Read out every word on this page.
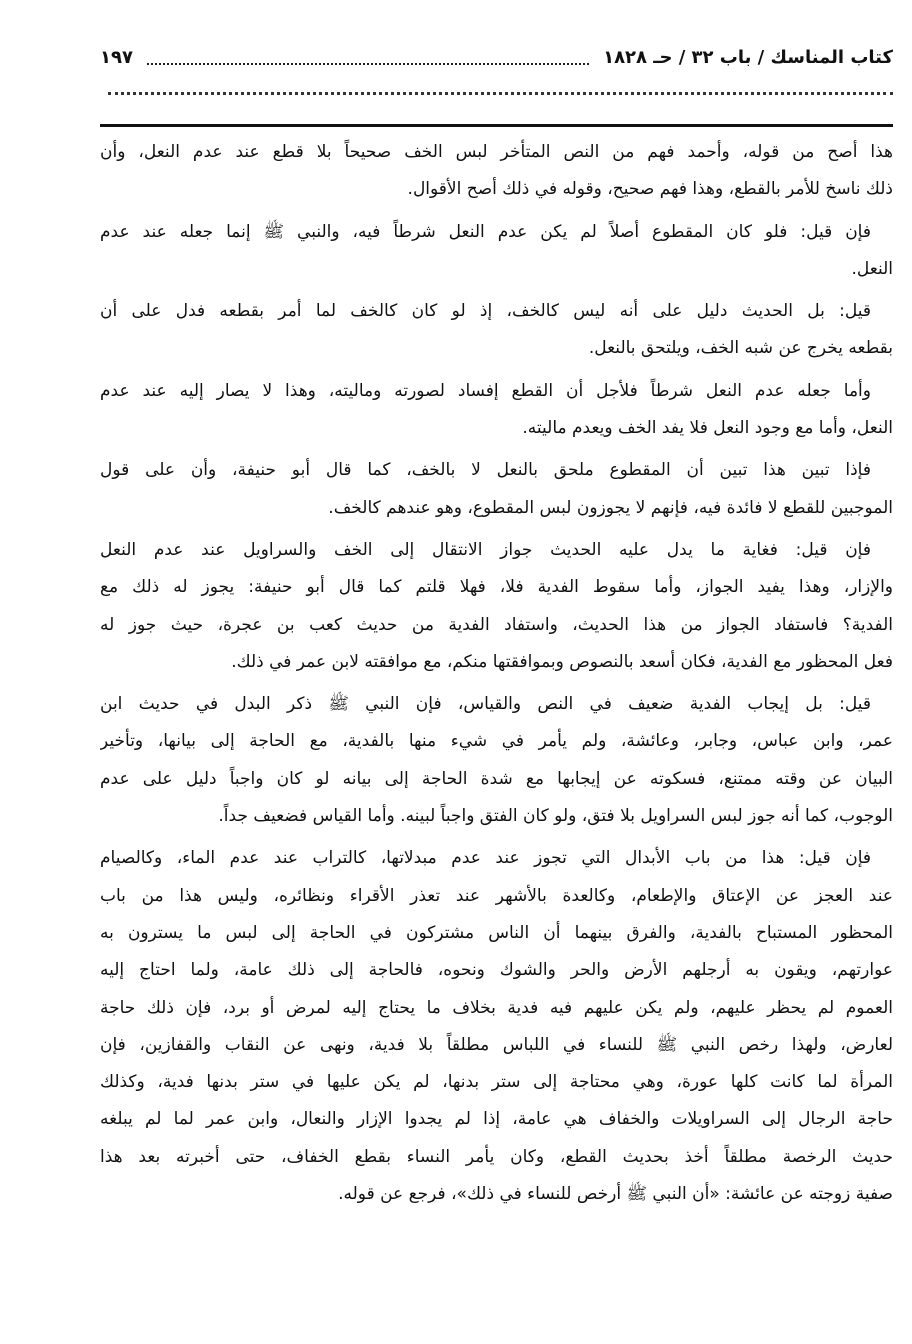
كتاب المناسك / باب ٣٢ / حـ ١٨٢٨
١٩٧
هذا أصح من قوله، وأحمد فهم من النص المتأخر لبس الخف صحيحاً بلا قطع عند عدم النعل، وأن
ذلك ناسخ للأمر بالقطع، وهذا فهم صحيح، وقوله في ذلك أصح الأقوال.
فإن قيل: فلو كان المقطوع أصلاً لم يكن عدم النعل شرطاً فيه، والنبي ﷺ إنما جعله عند عدم
النعل.
قيل: بل الحديث دليل على أنه ليس كالخف، إذ لو كان كالخف لما أمر بقطعه فدل على أن
بقطعه يخرج عن شبه الخف، ويلتحق بالنعل.
وأما جعله عدم النعل شرطاً فلأجل أن القطع إفساد لصورته وماليته، وهذا لا يصار إليه عند عدم
النعل، وأما مع وجود النعل فلا يفد الخف ويعدم ماليته.
فإذا تبين هذا تبين أن المقطوع ملحق بالنعل لا بالخف، كما قال أبو حنيفة، وأن على قول
الموجبين للقطع لا فائدة فيه، فإنهم لا يجوزون لبس المقطوع، وهو عندهم كالخف.
فإن قيل: فغاية ما يدل عليه الحديث جواز الانتقال إلى الخف والسراويل عند عدم النعل
والإزار، وهذا يفيد الجواز، وأما سقوط الفدية فلا، فهلا قلتم كما قال أبو حنيفة: يجوز له ذلك مع
الفدية؟ فاستفاد الجواز من هذا الحديث، واستفاد الفدية من حديث كعب بن عجرة، حيث جوز له
فعل المحظور مع الفدية، فكان أسعد بالنصوص وبموافقتها منكم، مع موافقته لابن عمر في ذلك.
قيل: بل إيجاب الفدية ضعيف في النص والقياس، فإن النبي ﷺ ذكر البدل في حديث ابن
عمر، وابن عباس، وجابر، وعائشة، ولم يأمر في شيء منها بالفدية، مع الحاجة إلى بيانها، وتأخير
البيان عن وقته ممتنع، فسكوته عن إيجابها مع شدة الحاجة إلى بيانه لو كان واجباً دليل على عدم
الوجوب، كما أنه جوز لبس السراويل بلا فتق، ولو كان الفتق واجباً لبينه. وأما القياس فضعيف جداً.
فإن قيل: هذا من باب الأبدال التي تجوز عند عدم مبدلاتها، كالتراب عند عدم الماء، وكالصيام
عند العجز عن الإعتاق والإطعام، وكالعدة بالأشهر عند تعذر الأقراء ونظائره، وليس هذا من باب
المحظور المستباح بالفدية، والفرق بينهما أن الناس مشتركون في الحاجة إلى لبس ما يسترون به
عوارتهم، ويقون به أرجلهم الأرض والحر والشوك ونحوه، فالحاجة إلى ذلك عامة، ولما احتاج إليه
العموم لم يحظر عليهم، ولم يكن عليهم فيه فدية بخلاف ما يحتاج إليه لمرض أو برد، فإن ذلك حاجة
لعارض، ولهذا رخص النبي ﷺ للنساء في اللباس مطلقاً بلا فدية، ونهى عن النقاب والقفازين، فإن
المرأة لما كانت كلها عورة، وهي محتاجة إلى ستر بدنها، لم يكن عليها في ستر بدنها فدية، وكذلك
حاجة الرجال إلى السراويلات والخفاف هي عامة، إذا لم يجدوا الإزار والنعال، وابن عمر لما لم يبلغه
حديث الرخصة مطلقاً أخذ بحديث القطع، وكان يأمر النساء بقطع الخفاف، حتى أخبرته بعد هذا
صفية زوجته عن عائشة: «أن النبي ﷺ أرخص للنساء في ذلك»، فرجع عن قوله.
